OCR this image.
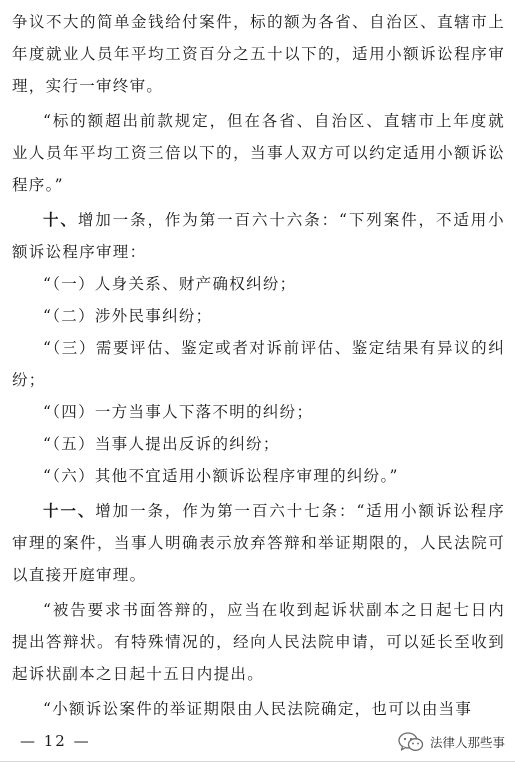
争议不大的简单金钱给付案件，标的额为各省、自治区、直辖市上年度就业人员年平均工资百分之五十以下的，适用小额诉讼程序审理，实行一审终审。

“标的额超出前款规定，但在各省、自治区、直辖市上年度就业人员年平均工资三倍以下的，当事人双方可以约定适用小额诉讼程序。”

十、增加一条，作为第一百六十六条：“下列案件，不适用小额诉讼程序审理：

“（一）人身关系、财产确权纠纷；

“（二）涉外民事纠纷；

“（三）需要评估、鉴定或者对诉前评估、鉴定结果有异议的纠纷；

“（四）一方当事人下落不明的纠纷；

“（五）当事人提出反诉的纠纷；

“（六）其他不宜适用小额诉讼程序审理的纠纷。”

十一、增加一条，作为第一百六十七条：“适用小额诉讼程序审理的案件，当事人明确表示放弃答辩和举证期限的，人民法院可以直接开庭审理。

“被告要求书面答辩的，应当在收到起诉状副本之日起七日内提出答辩状。有特殊情况的，经向人民法院申请，可以延长至收到起诉状副本之日起十五日内提出。

“小额诉讼案件的举证期限由人民法院确定，也可以由当事

— 12 —	法律人那些事
